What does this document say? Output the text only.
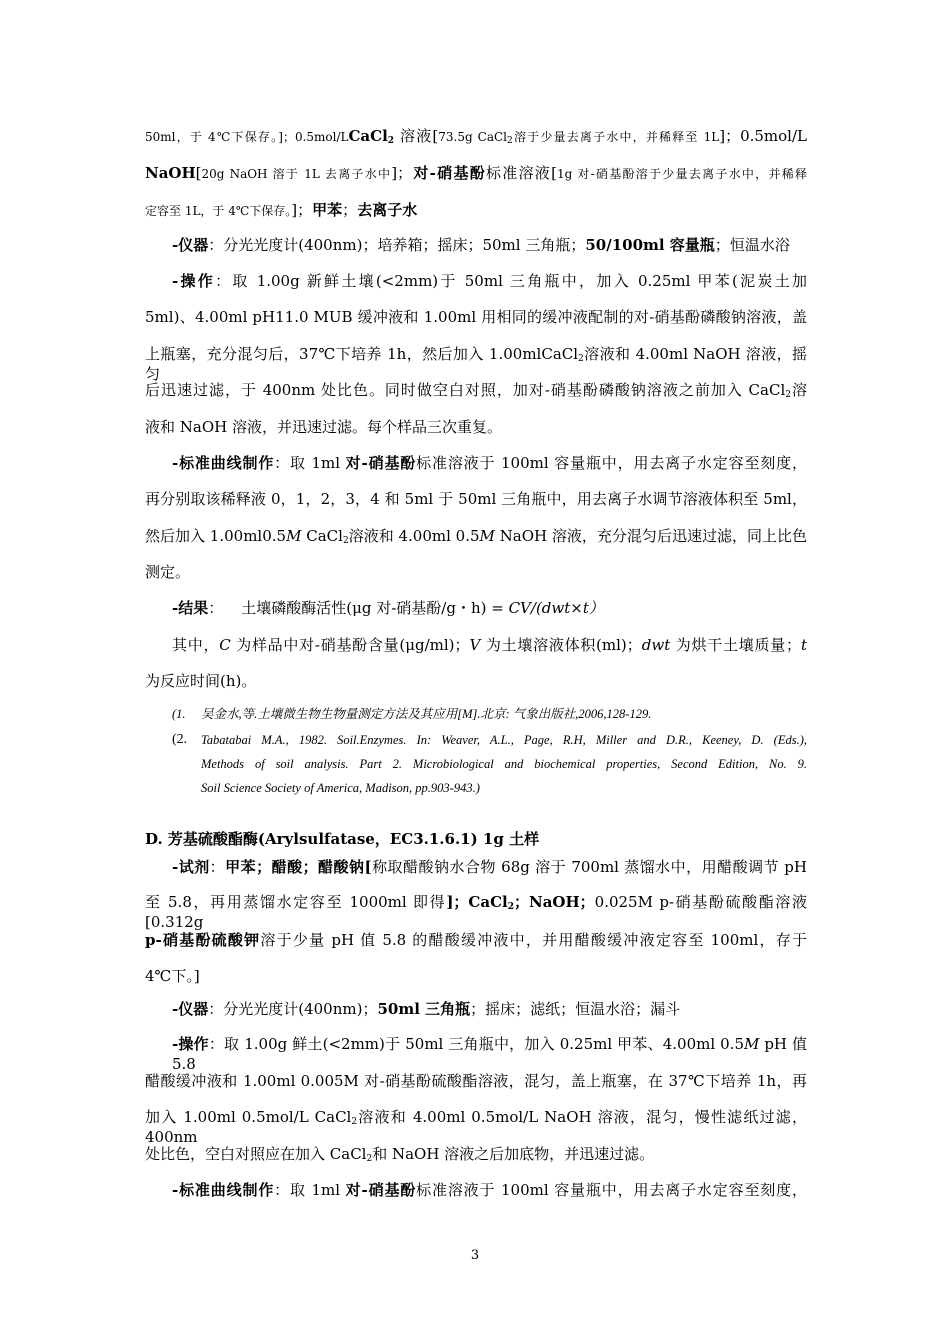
50ml，于 4℃下保存。]；0.5mol/LCaCl$_2$ 溶液[73.5g CaCl$_2$溶于少量去离子水中，并稀释至 1L]；0.5mol/L
NaOH[20g NaOH 溶于 1L 去离子水中]；对-硝基酚标准溶液[1g 对-硝基酚溶于少量去离子水中，并稀释
定容至 1L，于 4℃下保存。]；甲苯；去离子水
-仪器：分光光度计(400nm)；培养箱；摇床；50ml 三角瓶；50/100ml 容量瓶；恒温水浴
-操作：取 1.00g 新鲜土壤(<2mm)于 50ml 三角瓶中，加入 0.25ml 甲苯(泥炭土加
5ml)、4.00ml pH11.0 MUB 缓冲液和 1.00ml 用相同的缓冲液配制的对-硝基酚磷酸钠溶液，盖
上瓶塞，充分混匀后，37℃下培养 1h，然后加入 1.00mlCaCl$_2$溶液和 4.00ml NaOH 溶液，摇匀
后迅速过滤，于 400nm 处比色。同时做空白对照，加对-硝基酚磷酸钠溶液之前加入 CaCl$_2$溶
液和 NaOH 溶液，并迅速过滤。每个样品三次重复。
-标准曲线制作：取 1ml 对-硝基酚标准溶液于 100ml 容量瓶中，用去离子水定容至刻度，
再分别取该稀释液 0，1，2，3，4 和 5ml 于 50ml 三角瓶中，用去离子水调节溶液体积至 5ml，
然后加入 1.00ml0.5M CaCl$_2$溶液和 4.00ml 0.5M NaOH 溶液，充分混匀后迅速过滤，同上比色
测定。
-结果： 土壤磷酸酶活性(μg 对-硝基酚/g・h) = CV/(dwt×t）
其中，C 为样品中对-硝基酚含量(μg/ml)；V 为土壤溶液体积(ml)；dwt 为烘干土壤质量；t
为反应时间(h)。
(1. 吴金水,等.土壤微生物生物量测定方法及其应用[M].北京: 气象出版社,2006,128-129.
(2. Tabatabai M.A., 1982. Soil.Enzymes. In: Weaver, A.L., Page, R.H, Miller and D.R., Keeney, D. (Eds.),
Methods of soil analysis. Part 2. Microbiological and biochemical properties, Second Edition, No. 9.
Soil Science Society of America, Madison, pp.903-943.)
D. 芳基硫酸酯酶(Arylsulfatase，EC3.1.6.1) 1g 土样
-试剂：甲苯；醋酸；醋酸钠[称取醋酸钠水合物 68g 溶于 700ml 蒸馏水中，用醋酸调节 pH
至 5.8，再用蒸馏水定容至 1000ml 即得]；CaCl$_2$；NaOH；0.025M p-硝基酚硫酸酯溶液[0.312g
p-硝基酚硫酸钾溶于少量 pH 值 5.8 的醋酸缓冲液中，并用醋酸缓冲液定容至 100ml，存于
4℃下。]
-仪器：分光光度计(400nm)；50ml 三角瓶；摇床；滤纸；恒温水浴；漏斗
-操作：取 1.00g 鲜土(<2mm)于 50ml 三角瓶中，加入 0.25ml 甲苯、4.00ml 0.5M pH 值 5.8
醋酸缓冲液和 1.00ml 0.005M 对-硝基酚硫酸酯溶液，混匀，盖上瓶塞，在 37℃下培养 1h，再
加入 1.00ml 0.5mol/L CaCl$_2$溶液和 4.00ml 0.5mol/L NaOH 溶液，混匀，慢性滤纸过滤，400nm
处比色，空白对照应在加入 CaCl$_2$和 NaOH 溶液之后加底物，并迅速过滤。
-标准曲线制作：取 1ml 对-硝基酚标准溶液于 100ml 容量瓶中，用去离子水定容至刻度，
3
